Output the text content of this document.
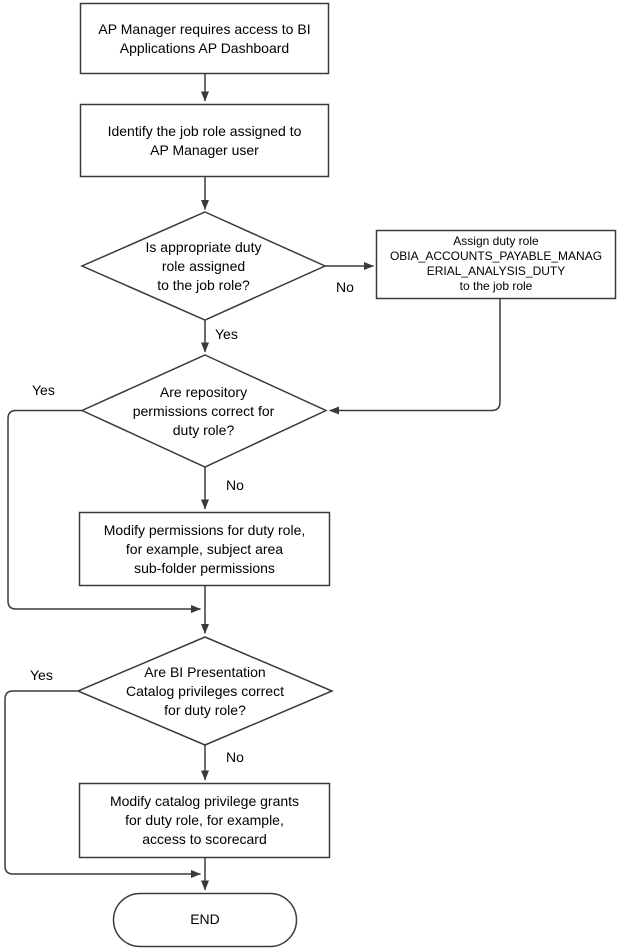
AP Manager requires access to BI
Applications AP Dashboard
Identify the job role assigned to
AP Manager user
Is appropriate duty
role assigned
to the job role?
Assign duty role
OBIA_ACCOUNTS_PAYABLE_MANAG
ERIAL_ANALYSIS_DUTY
to the job role
Are repository
permissions correct for
duty role?
Modify permissions for duty role,
for example, subject area
sub-folder permissions
Are BI Presentation
Catalog privileges correct
for duty role?
Modify catalog privilege grants
for duty role, for example,
access to scorecard
END
No
Yes
Yes
No
Yes
No
